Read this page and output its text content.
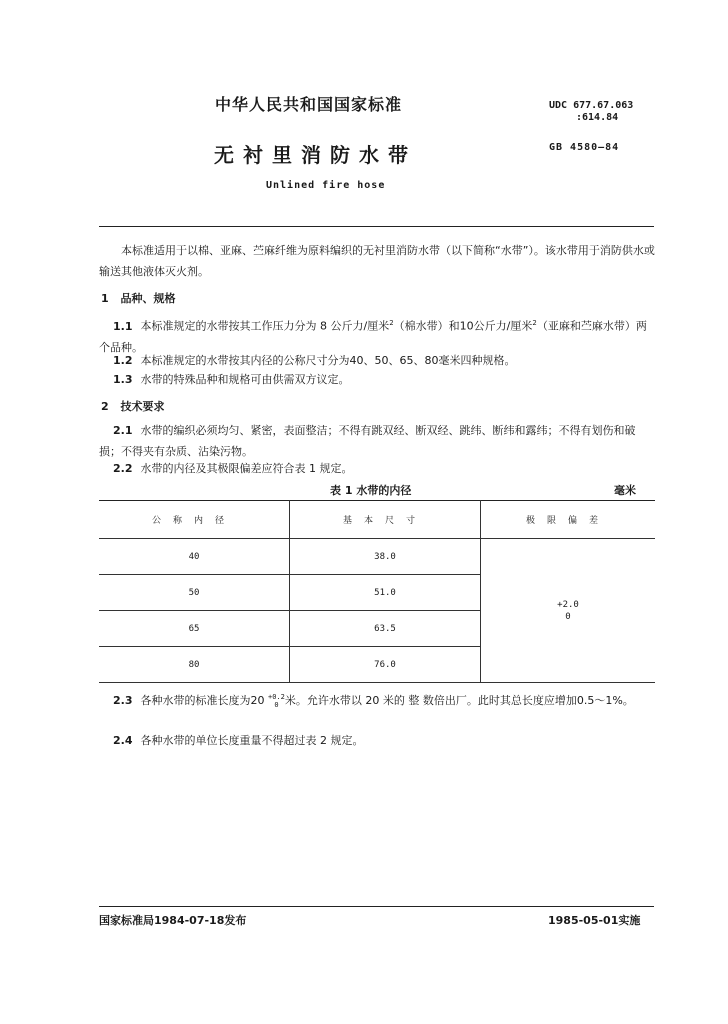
中华人民共和国国家标准
无衬里消防水带
Unlined fire hose
UDC 677.67.063
:614.84
GB 4580—84
本标准适用于以棉、亚麻、苎麻纤维为原料编织的无衬里消防水带（以下简称“水带”）。该水带用于消防供水或输送其他液体灭火剂。
1 品种、规格
1.1 本标准规定的水带按其工作压力分为 8 公斤力/厘米$^2$（棉水带）和10公斤力/厘米$^2$（亚麻和苎麻水带）两个品种。
1.2 本标准规定的水带按其内径的公称尺寸分为40、50、65、80毫米四种规格。
1.3 水带的特殊品种和规格可由供需双方议定。
2 技术要求
2.1 水带的编织必须均匀、紧密，表面整洁；不得有跳双经、断双经、跳纬、断纬和露纬；不得有划伤和破损；不得夹有杂质、沾染污物。
2.2 水带的内径及其极限偏差应符合表 1 规定。
表 1 水带的内径	毫米
公称内径	基本尺寸	极限偏差
40	38.0	+2.0
0

50	51.0	
65	63.5	
80	76.0	
2.3 各种水带的标准长度为20 +0.2
0 米。允许水带以 20 米的 整 数倍出厂。此时其总长度应增加0.5～1%。
2.4 各种水带的单位长度重量不得超过表 2 规定。
国家标准局1984-07-18发布	1985-05-01实施
